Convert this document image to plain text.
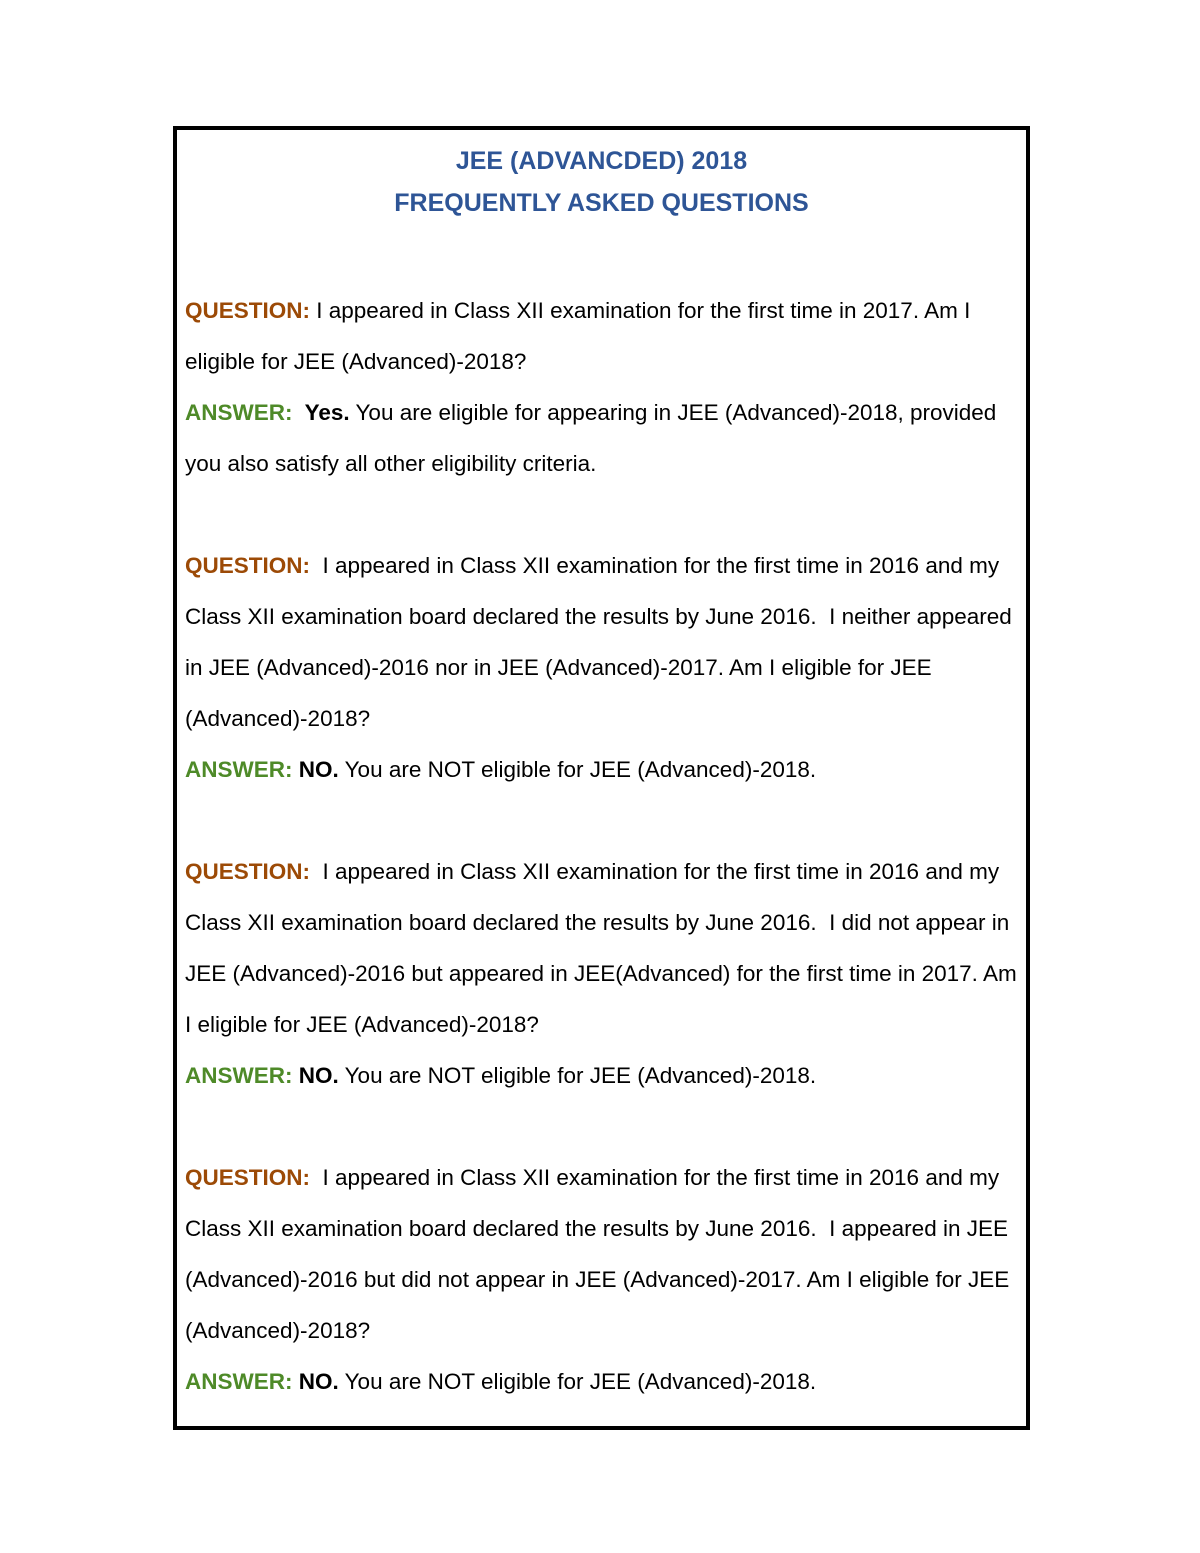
JEE (ADVANCDED) 2018
FREQUENTLY ASKED QUESTIONS

QUESTION: I appeared in Class XII examination for the first time in 2017. Am I eligible for JEE (Advanced)-2018?

ANSWER:  Yes. You are eligible for appearing in JEE (Advanced)-2018, provided you also satisfy all other eligibility criteria.

QUESTION:  I appeared in Class XII examination for the first time in 2016 and my Class XII examination board declared the results by June 2016.  I neither appeared in JEE (Advanced)-2016 nor in JEE (Advanced)-2017. Am I eligible for JEE (Advanced)-2018?

ANSWER: NO. You are NOT eligible for JEE (Advanced)-2018.

QUESTION:  I appeared in Class XII examination for the first time in 2016 and my Class XII examination board declared the results by June 2016.  I did not appear in JEE (Advanced)-2016 but appeared in JEE(Advanced) for the first time in 2017. Am I eligible for JEE (Advanced)-2018?

ANSWER: NO. You are NOT eligible for JEE (Advanced)-2018.

QUESTION:  I appeared in Class XII examination for the first time in 2016 and my Class XII examination board declared the results by June 2016.  I appeared in JEE (Advanced)-2016 but did not appear in JEE (Advanced)-2017. Am I eligible for JEE (Advanced)-2018?

ANSWER: NO. You are NOT eligible for JEE (Advanced)-2018.
